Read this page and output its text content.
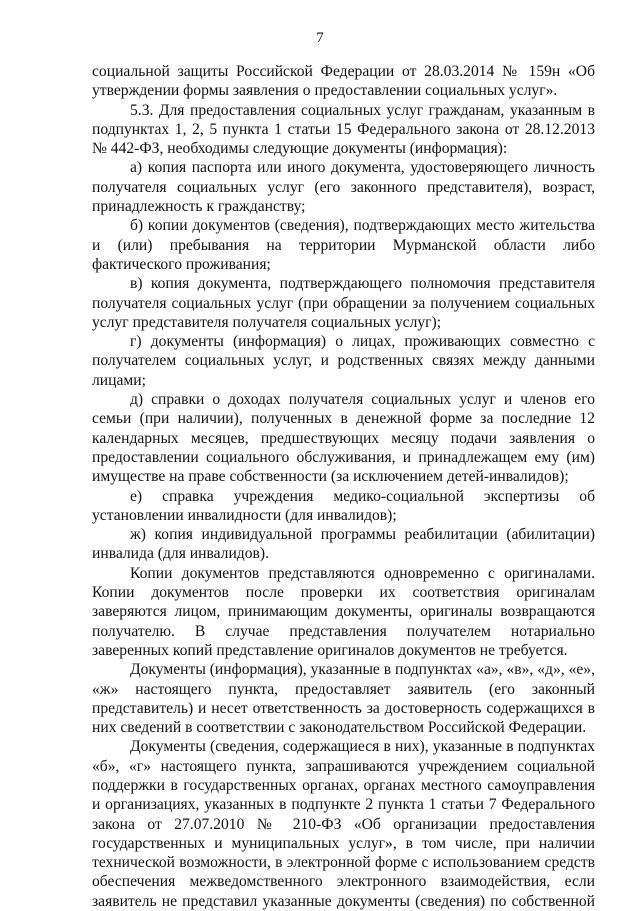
7

социальной защиты Российской Федерации от 28.03.2014 № 159н «Об утверждении формы заявления о предоставлении социальных услуг».

5.3. Для предоставления социальных услуг гражданам, указанным в подпунктах 1, 2, 5 пункта 1 статьи 15 Федерального закона от 28.12.2013 № 442-ФЗ, необходимы следующие документы (информация):

а) копия паспорта или иного документа, удостоверяющего личность получателя социальных услуг (его законного представителя), возраст, принадлежность к гражданству;

б) копии документов (сведения), подтверждающих место жительства и (или) пребывания на территории Мурманской области либо фактического проживания;

в) копия документа, подтверждающего полномочия представителя получателя социальных услуг (при обращении за получением социальных услуг представителя получателя социальных услуг);

г) документы (информация) о лицах, проживающих совместно с получателем социальных услуг, и родственных связях между данными лицами;

д) справки о доходах получателя социальных услуг и членов его семьи (при наличии), полученных в денежной форме за последние 12 календарных месяцев, предшествующих месяцу подачи заявления о предоставлении социального обслуживания, и принадлежащем ему (им) имуществе на праве собственности (за исключением детей-инвалидов);

е) справка учреждения медико-социальной экспертизы об установлении инвалидности (для инвалидов);

ж) копия индивидуальной программы реабилитации (абилитации) инвалида (для инвалидов).

Копии документов представляются одновременно с оригиналами. Копии документов после проверки их соответствия оригиналам заверяются лицом, принимающим документы, оригиналы возвращаются получателю. В случае представления получателем нотариально заверенных копий представление оригиналов документов не требуется.

Документы (информация), указанные в подпунктах «а», «в», «д», «е», «ж» настоящего пункта, предоставляет заявитель (его законный представитель) и несет ответственность за достоверность содержащихся в них сведений в соответствии с законодательством Российской Федерации.

Документы (сведения, содержащиеся в них), указанные в подпунктах «б», «г» настоящего пункта, запрашиваются учреждением социальной поддержки в государственных органах, органах местного самоуправления и организациях, указанных в подпункте 2 пункта 1 статьи 7 Федерального закона от 27.07.2010 № 210-ФЗ «Об организации предоставления государственных и муниципальных услуг», в том числе, при наличии технической возможности, в электронной форме с использованием средств обеспечения межведомственного электронного взаимодействия, если заявитель не представил указанные документы (сведения) по собственной
